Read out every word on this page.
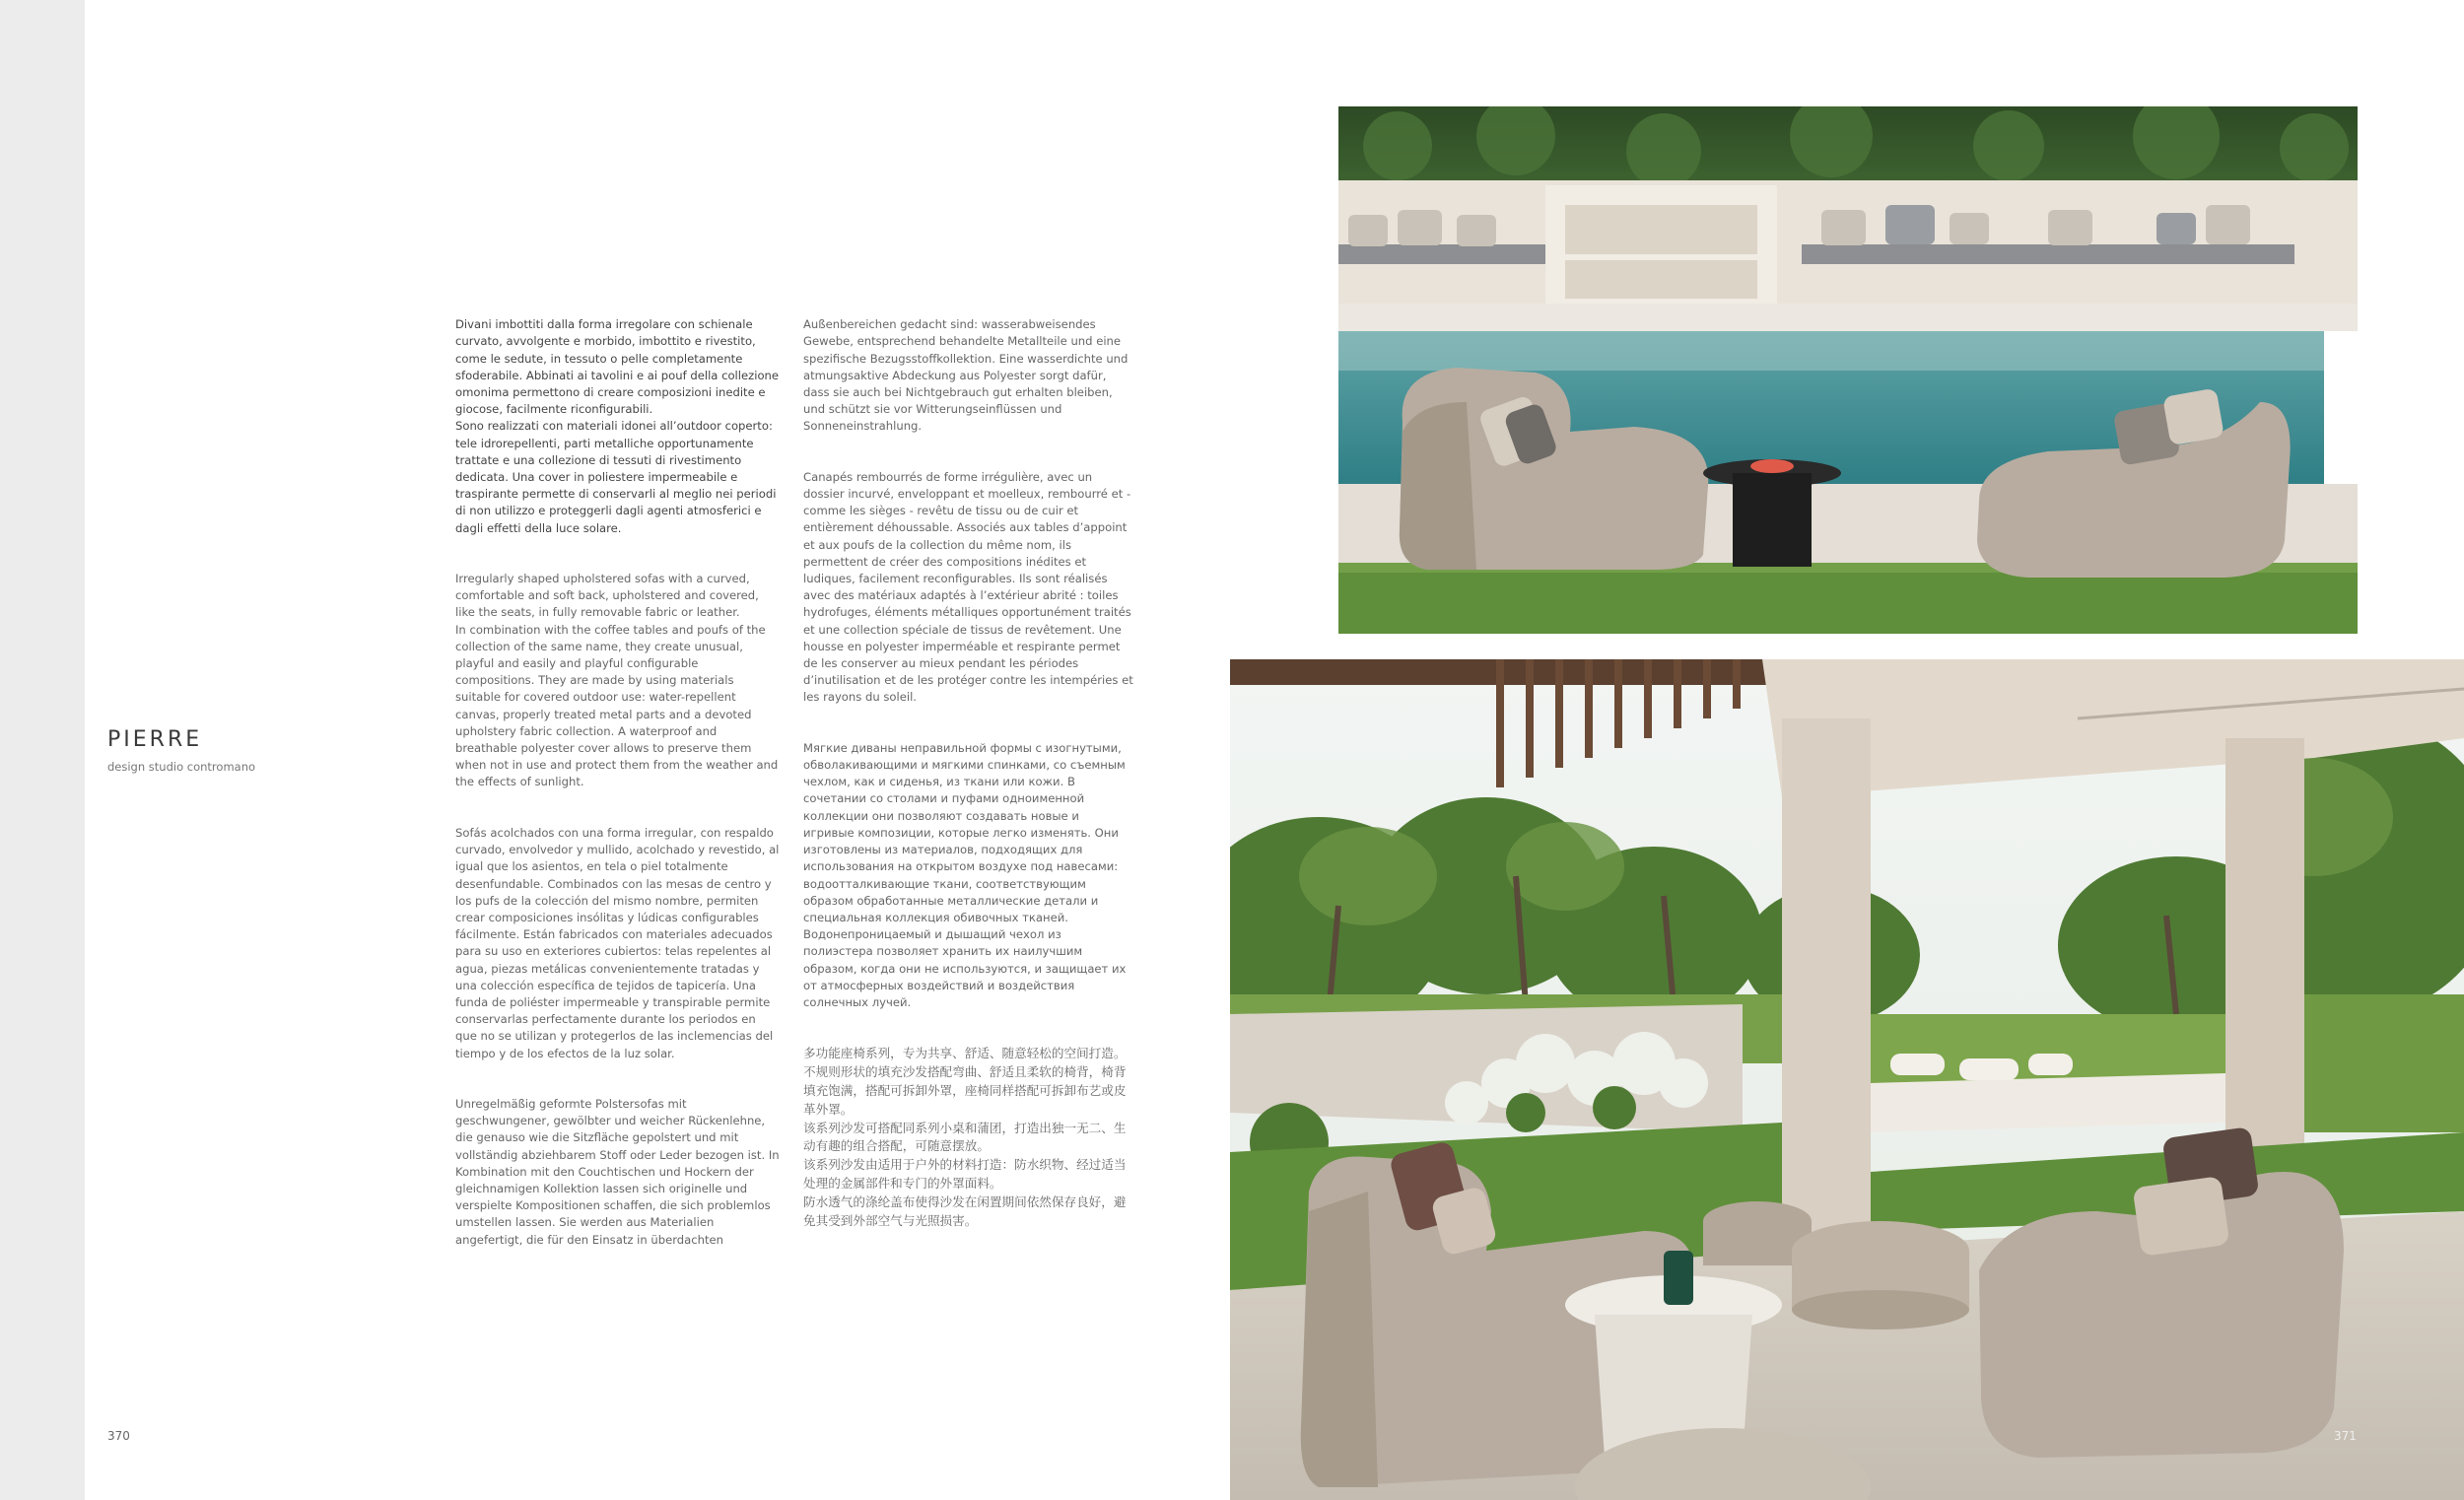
PIERRE
design studio contromano

Divani imbottiti dalla forma irregolare con schienale curvato, avvolgente e morbido, imbottito e rivestito, come le sedute, in tessuto o pelle completamente sfoderabile. Abbinati ai tavolini e ai pouf della collezione omonima permettono di creare composizioni inedite e giocose, facilmente riconfigurabili.
Sono realizzati con materiali idonei all’outdoor coperto: tele idrorepellenti, parti metalliche opportunamente trattate e una collezione di tessuti di rivestimento dedicata. Una cover in poliestere impermeabile e traspirante permette di conservarli al meglio nei periodi di non utilizzo e proteggerli dagli agenti atmosferici e dagli effetti della luce solare.

Irregularly shaped upholstered sofas with a curved, comfortable and soft back, upholstered and covered, like the seats, in fully removable fabric or leather.
In combination with the coffee tables and poufs of the collection of the same name, they create unusual, playful and easily and playful configurable compositions. They are made by using materials suitable for covered outdoor use: water-repellent canvas, properly treated metal parts and a devoted upholstery fabric collection. A waterproof and breathable polyester cover allows to preserve them when not in use and protect them from the weather and the effects of sunlight.

Sofás acolchados con una forma irregular, con respaldo curvado, envolvedor y mullido, acolchado y revestido, al igual que los asientos, en tela o piel totalmente desenfundable. Combinados con las mesas de centro y los pufs de la colección del mismo nombre, permiten crear composiciones insólitas y lúdicas configurables fácilmente. Están fabricados con materiales adecuados para su uso en exteriores cubiertos: telas repelentes al agua, piezas metálicas convenientemente tratadas y una colección específica de tejidos de tapicería. Una funda de poliéster impermeable y transpirable permite conservarlas perfectamente durante los periodos en que no se utilizan y protegerlos de las inclemencias del tiempo y de los efectos de la luz solar.

Unregelmäßig geformte Polstersofas mit geschwungener, gewölbter und weicher Rückenlehne, die genauso wie die Sitzfläche gepolstert und mit vollständig abziehbarem Stoff oder Leder bezogen ist. In Kombination mit den Couchtischen und Hockern der gleichnamigen Kollektion lassen sich originelle und verspielte Kompositionen schaffen, die sich problemlos umstellen lassen. Sie werden aus Materialien angefertigt, die für den Einsatz in überdachten

Außenbereichen gedacht sind: wasserabweisendes Gewebe, entsprechend behandelte Metallteile und eine spezifische Bezugsstoffkollektion. Eine wasserdichte und atmungsaktive Abdeckung aus Polyester sorgt dafür, dass sie auch bei Nichtgebrauch gut erhalten bleiben, und schützt sie vor Witterungseinflüssen und Sonneneinstrahlung.

Canapés rembourrés de forme irrégulière, avec un dossier incurvé, enveloppant et moelleux, rembourré et - comme les sièges - revêtu de tissu ou de cuir et entièrement déhoussable. Associés aux tables d’appoint et aux poufs de la collection du même nom, ils permettent de créer des compositions inédites et ludiques, facilement reconfigurables. Ils sont réalisés avec des matériaux adaptés à l’extérieur abrité : toiles hydrofuges, éléments métalliques opportunément traités et une collection spéciale de tissus de revêtement. Une housse en polyester imperméable et respirante permet de les conserver au mieux pendant les périodes d’inutilisation et de les protéger contre les intempéries et les rayons du soleil.

Мягкие диваны неправильной формы с изогнутыми, обволакивающими и мягкими спинками, со съемным чехлом, как и сиденья, из ткани или кожи. В сочетании со столами и пуфами одноименной коллекции они позволяют создавать новые и игривые композиции, которые легко изменять. Они изготовлены из материалов, подходящих для использования на открытом воздухе под навесами: водоотталкивающие ткани, соответствующим образом обработанные металлические детали и специальная коллекция обивочных тканей. Водонепроницаемый и дышащий чехол из полиэстера позволяет хранить их наилучшим образом, когда они не используются, и защищает их от атмосферных воздействий и воздействия солнечных лучей.

多功能座椅系列，专为共享、舒适、随意轻松的空间打造。
不规则形状的填充沙发搭配弯曲、舒适且柔软的椅背，椅背填充饱满，搭配可拆卸外罩，座椅同样搭配可拆卸布艺或皮革外罩。
该系列沙发可搭配同系列小桌和蒲团，打造出独一无二、生动有趣的组合搭配，可随意摆放。
该系列沙发由适用于户外的材料打造：防水织物、经过适当处理的金属部件和专门的外罩面料。
防水透气的涤纶盖布使得沙发在闲置期间依然保存良好，避免其受到外部空气与光照损害。

370	371
